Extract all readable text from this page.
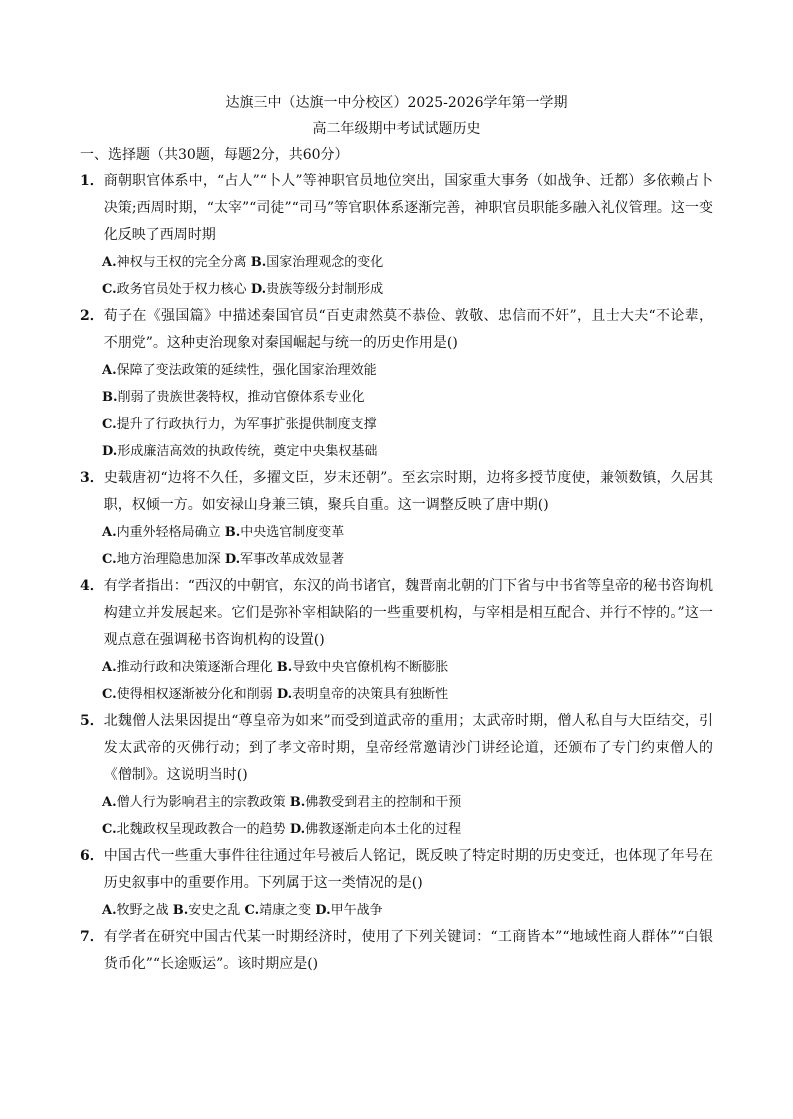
达旗三中（达旗一中分校区）2025-2026学年第一学期
高二年级期中考试试题历史
一、选择题（共30题，每题2分，共60分）
1． 商朝职官体系中，“占人”“卜人”等神职官员地位突出，国家重大事务（如战争、迁都）多依赖占卜决策;西周时期，“太宰”“司徒”“司马”等官职体系逐渐完善，神职官员职能多融入礼仪管理。这一变化反映了西周时期
A.神权与王权的完全分离 B.国家治理观念的变化
C.政务官员处于权力核心 D.贵族等级分封制形成
2． 荀子在《强国篇》中描述秦国官员“百吏肃然莫不恭俭、敦敬、忠信而不奸”，且士大夫“不论辈，不朋党”。这种吏治现象对秦国崛起与统一的历史作用是()
A.保障了变法政策的延续性，强化国家治理效能
B.削弱了贵族世袭特权，推动官僚体系专业化
C.提升了行政执行力，为军事扩张提供制度支撑
D.形成廉洁高效的执政传统，奠定中央集权基础
3． 史载唐初“边将不久任，多擢文臣，岁末还朝”。至玄宗时期，边将多授节度使，兼领数镇，久居其职，权倾一方。如安禄山身兼三镇，聚兵自重。这一调整反映了唐中期()
A.内重外轻格局确立 B.中央选官制度变革
C.地方治理隐患加深 D.军事改革成效显著
4． 有学者指出：“西汉的中朝官，东汉的尚书诸官，魏晋南北朝的门下省与中书省等皇帝的秘书咨询机构建立并发展起来。它们是弥补宰相缺陷的一些重要机构，与宰相是相互配合、并行不悖的。”这一观点意在强调秘书咨询机构的设置()
A.推动行政和决策逐渐合理化 B.导致中央官僚机构不断膨胀
C.使得相权逐渐被分化和削弱 D.表明皇帝的决策具有独断性
5． 北魏僧人法果因提出“尊皇帝为如来”而受到道武帝的重用；太武帝时期，僧人私自与大臣结交，引发太武帝的灭佛行动；到了孝文帝时期，皇帝经常邀请沙门讲经论道，还颁布了专门约束僧人的《僧制》。这说明当时()
A.僧人行为影响君主的宗教政策 B.佛教受到君主的控制和干预
C.北魏政权呈现政教合一的趋势 D.佛教逐渐走向本土化的过程
6． 中国古代一些重大事件往往通过年号被后人铭记，既反映了特定时期的历史变迁，也体现了年号在历史叙事中的重要作用。下列属于这一类情况的是()
A.牧野之战 B.安史之乱 C.靖康之变 D.甲午战争
7． 有学者在研究中国古代某一时期经济时，使用了下列关键词：“工商皆本”“地域性商人群体”“白银货币化”“长途贩运”。该时期应是()
